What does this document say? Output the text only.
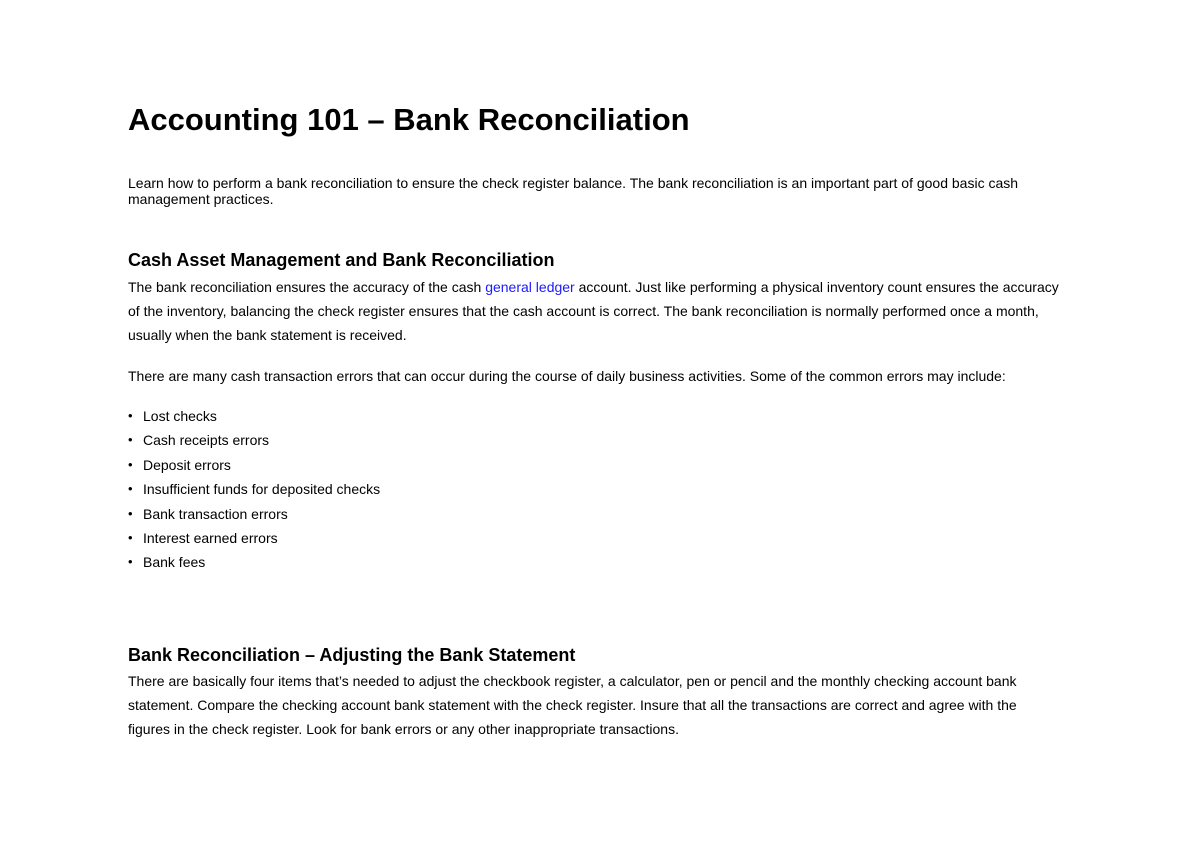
Accounting 101 – Bank Reconciliation

Learn how to perform a bank reconciliation to ensure the check register balance. The bank reconciliation is an important part of good basic cash management practices.

Cash Asset Management and Bank Reconciliation

The bank reconciliation ensures the accuracy of the cash general ledger account. Just like performing a physical inventory count ensures the accuracy of the inventory, balancing the check register ensures that the cash account is correct. The bank reconciliation is normally performed once a month, usually when the bank statement is received.

There are many cash transaction errors that can occur during the course of daily business activities. Some of the common errors may include:

• Lost checks
• Cash receipts errors
• Deposit errors
• Insufficient funds for deposited checks
• Bank transaction errors
• Interest earned errors
• Bank fees
Bank Reconciliation – Adjusting the Bank Statement

There are basically four items that’s needed to adjust the checkbook register, a calculator, pen or pencil and the monthly checking account bank statement. Compare the checking account bank statement with the check register. Insure that all the transactions are correct and agree with the figures in the check register. Look for bank errors or any other inappropriate transactions.
